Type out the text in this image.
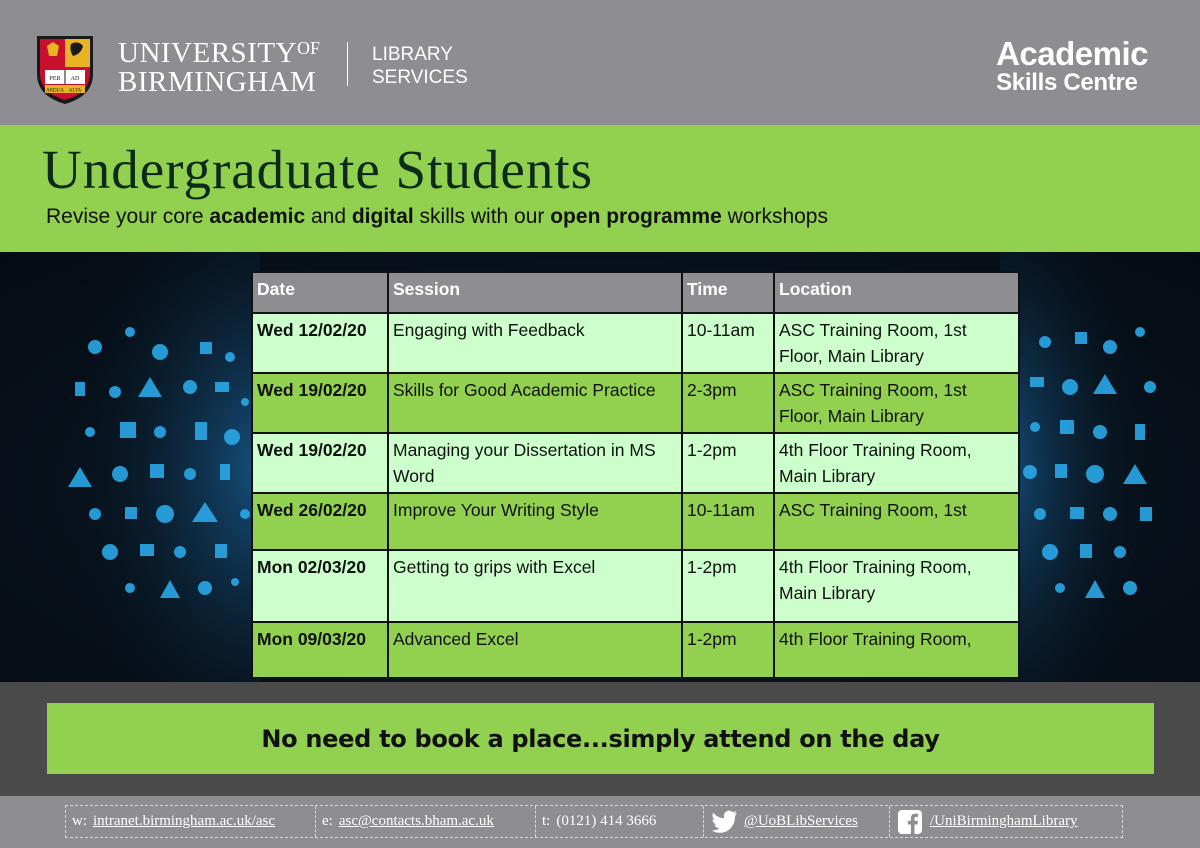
PER AD
ARDUA ALTA
$UNIVERSITY^{OF}$
BIRMINGHAM
LIBRARY
SERVICES
Academic
Skills Centre
Undergraduate Students
Revise your core academic and digital skills with our open programme workshops
Date	Session	Time	Location
Wed 12/02/20	Engaging with Feedback	10-11am	ASC Training Room, 1st Floor, Main Library
Wed 19/02/20	Skills for Good Academic Practice	2-3pm	ASC Training Room, 1st Floor, Main Library
Wed 19/02/20	Managing your Dissertation in MS Word	1-2pm	4th Floor Training Room, Main Library
Wed 26/02/20	Improve Your Writing Style	10-11am	ASC Training Room, 1st
Mon 02/03/20	Getting to grips with Excel	1-2pm	4th Floor Training Room, Main Library
Mon 09/03/20	Advanced Excel	1-2pm	4th Floor Training Room,
No need to book a place...simply attend on the day
w: intranet.birmingham.ac.uk/asc	e: asc@contacts.bham.ac.uk	t: (0121) 414 3666	@UoBLibServices	/UniBirminghamLibrary
